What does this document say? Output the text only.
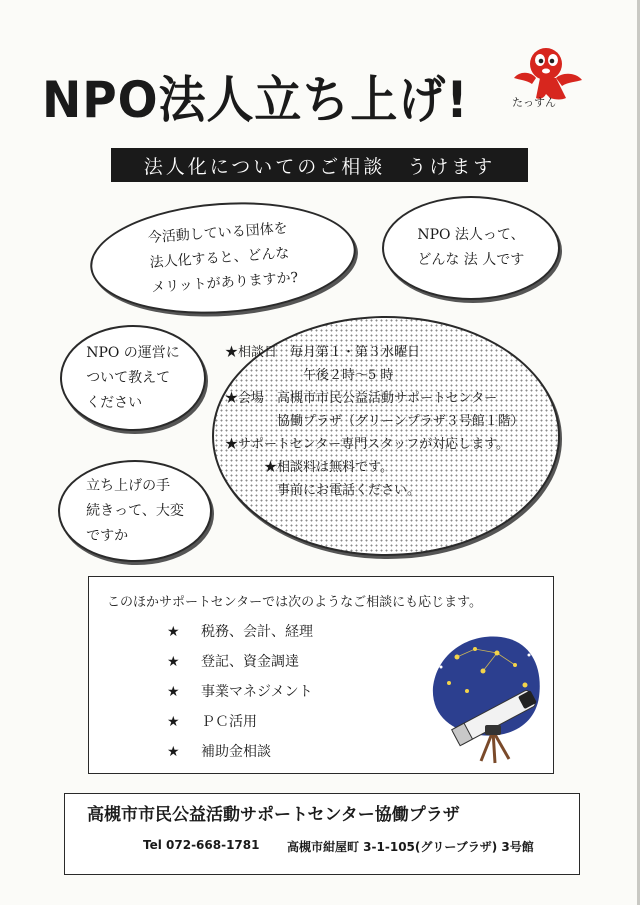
NPO法人立ち上げ!	たっすん
法人化についてのご相談　うけます
今活動している団体を
法人化すると、どんな
メリットがありますか?
NPO 法人って、
どんな 法 人です
NPO の運営に
ついて教えて
ください
立ち上げの手
続きって、大変
ですか
★相談日　毎月第１・第３水曜日
　　　　　　午後２時～5 時
★会場　高槻市市民公益活動サポートセンター
　　　　協働プラザ（グリーンプラザ３号館１階）
★サポートセンター専門スタッフが対応します。
　　　★相談料は無料です。
　　　　事前にお電話ください。
このほかサポートセンターでは次のようなご相談にも応じます。
★ 税務、会計、経理
★ 登記、資金調達
★ 事業マネジメント
★ ＰＣ活用
★ 補助金相談
高槻市市民公益活動サポートセンター協働プラザ
Tel 072-668-1781 高槻市紺屋町 3-1-105(グリーブラザ) 3号館
